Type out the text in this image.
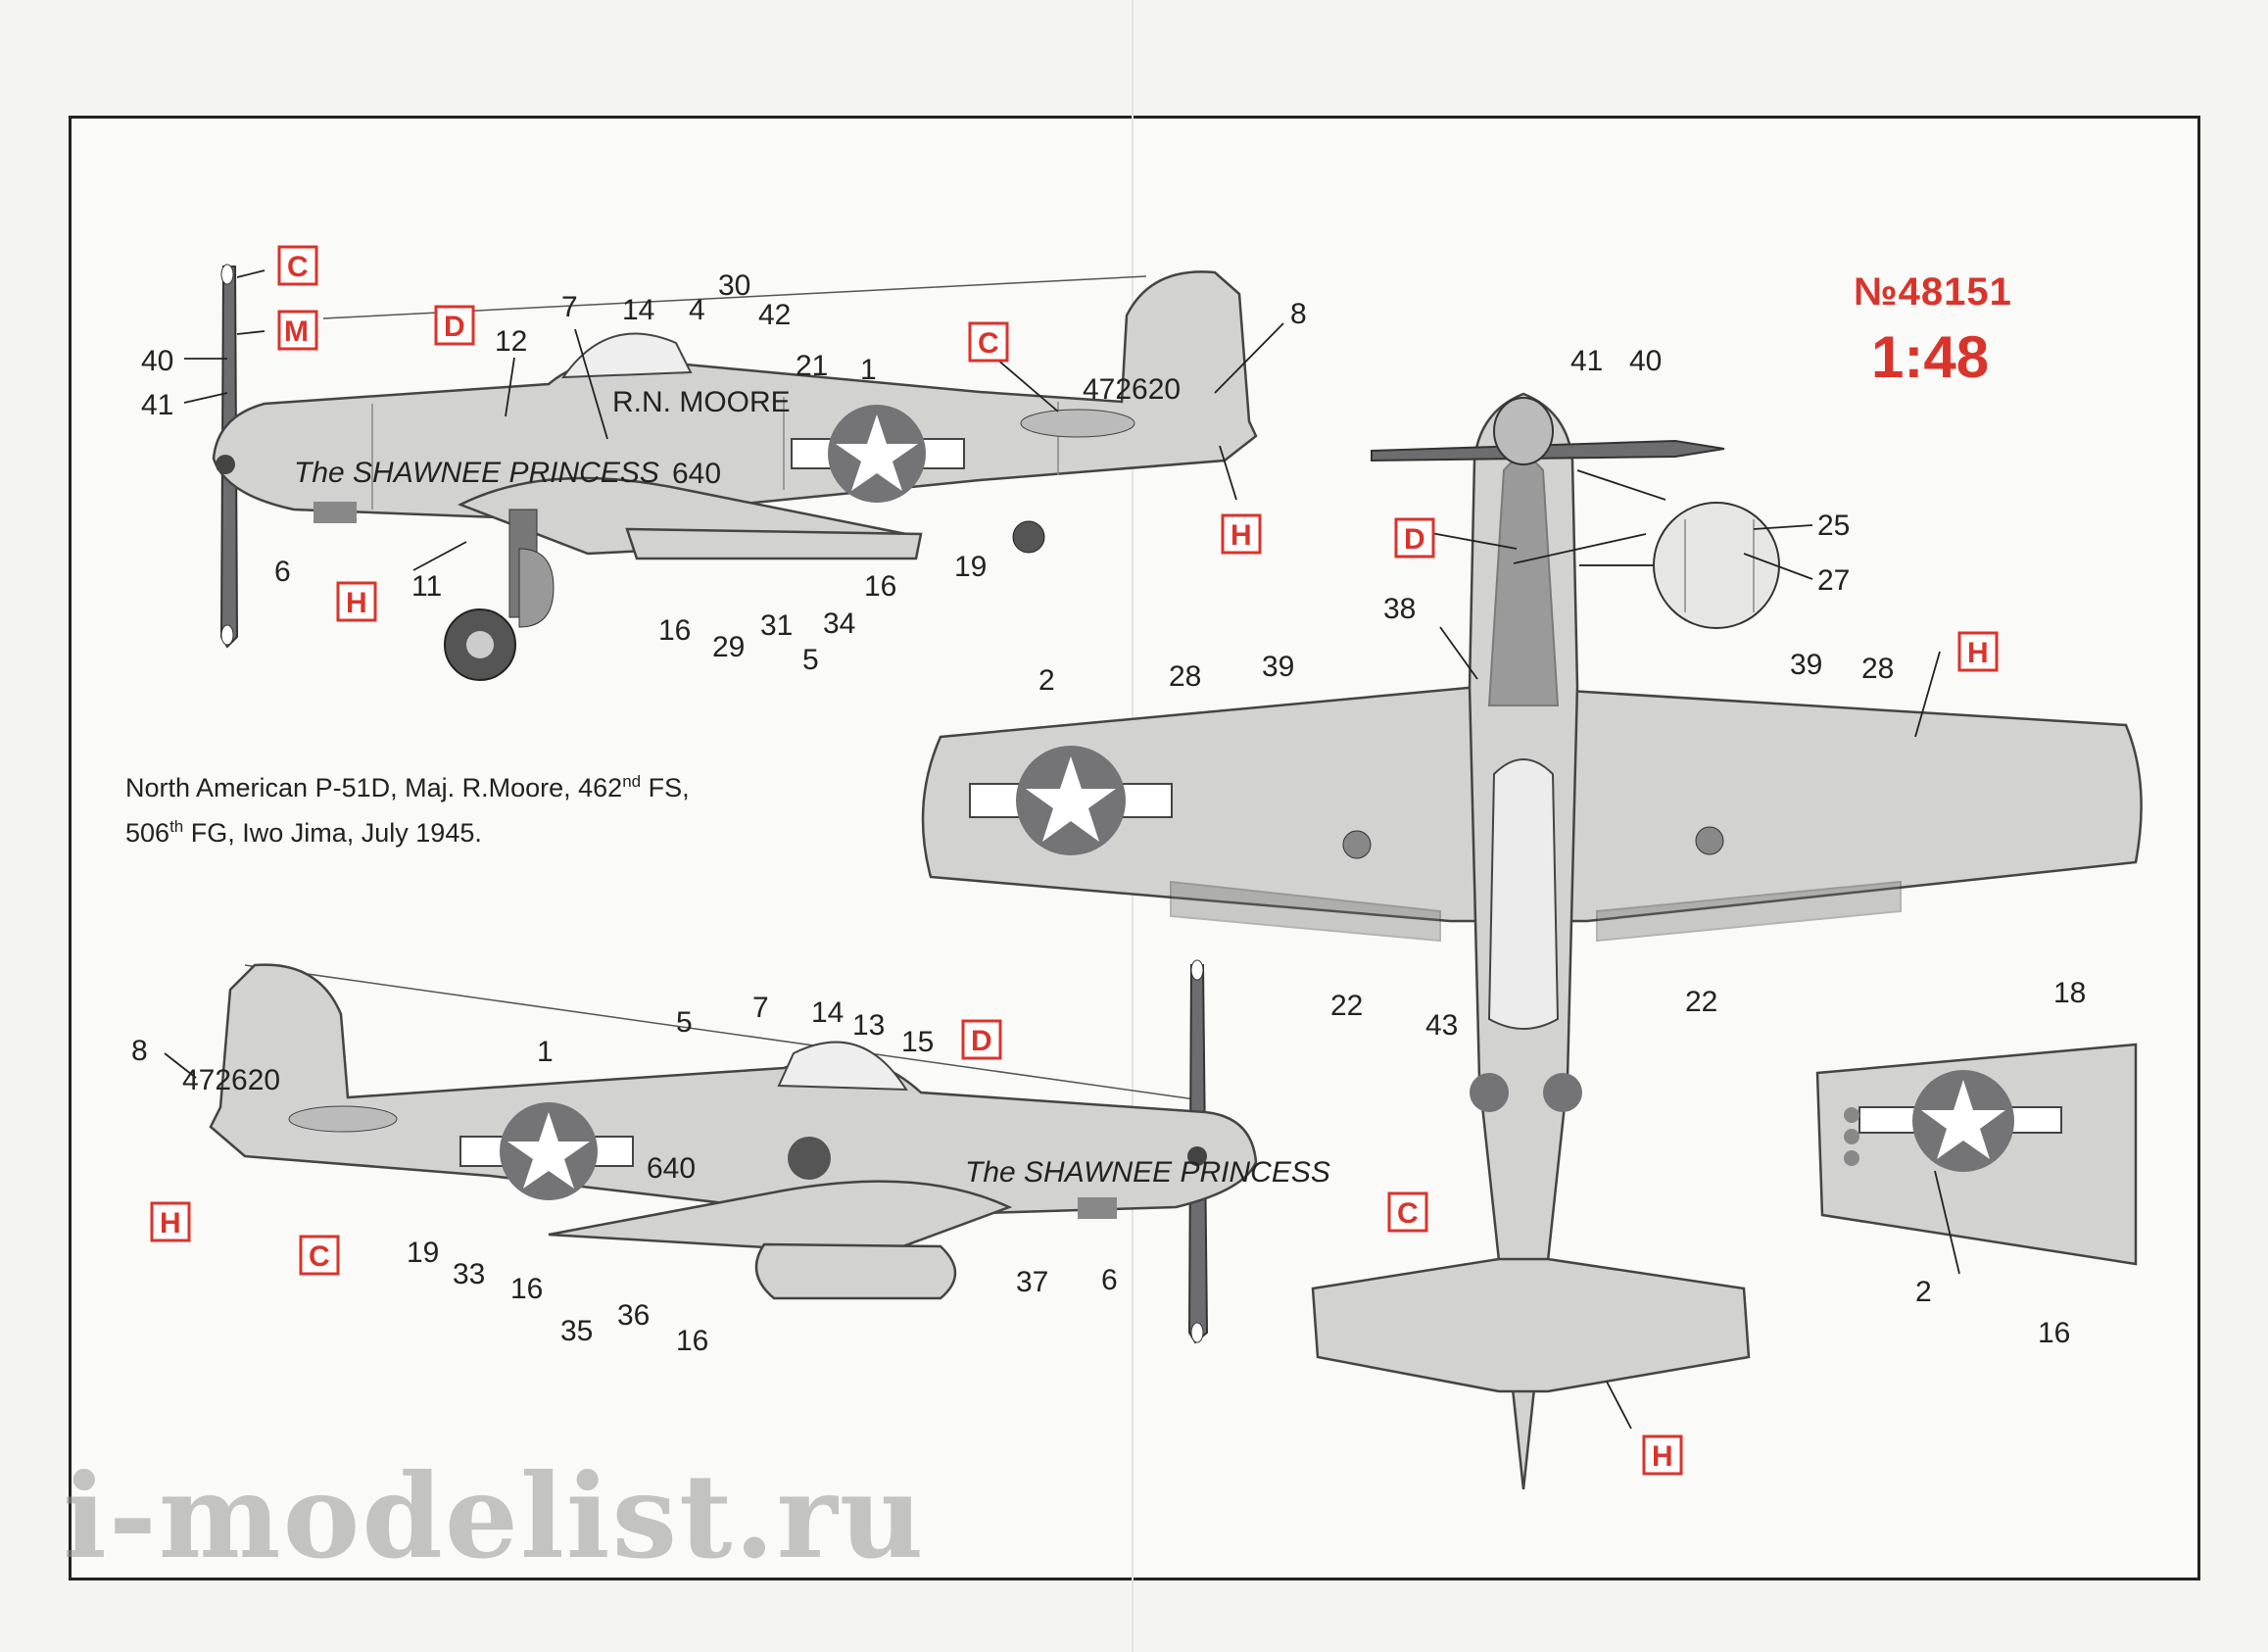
640
472620
The SHAWNEE PRINCESS
R.N. MOORE
640
472620
The SHAWNEE PRINCESS
7 14 4
30
42
21 1
8
12
40
41
6	11
16
29
31
5
34
16
19
41 40
25
27
38
2	28 39	39 28
22
43
22
8	1
5 7 14 13
15
19
33 16
35 36
16
37 6
18
2
16
C
M	D
C
H
H
D
H
C
H
D
H
C
№48151
1:48
North American P-51D, Maj. R.Moore, 462nd FS,
506th FG, Iwo Jima, July 1945.
i-modelist.ru
